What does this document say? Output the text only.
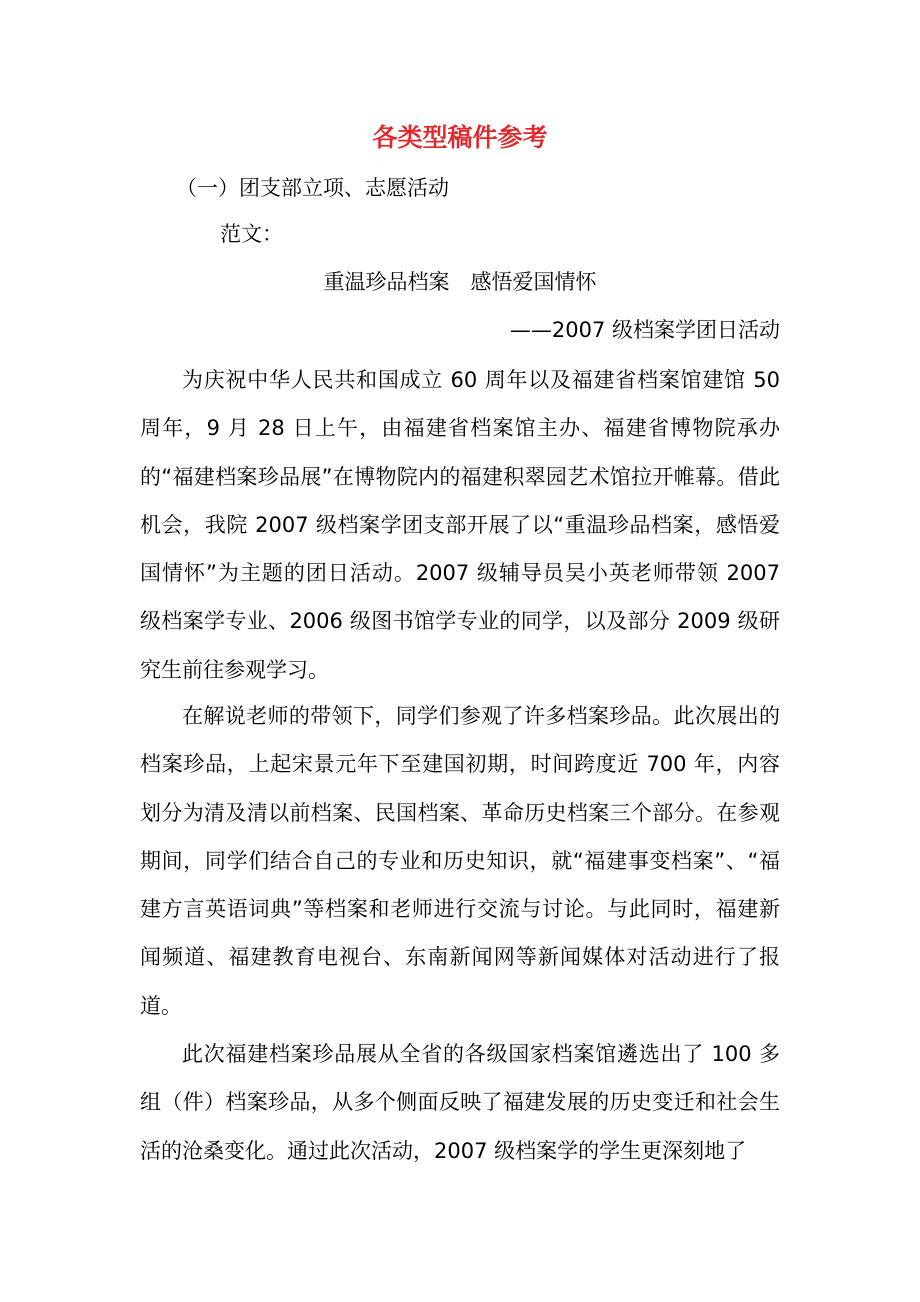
各类型稿件参考
（一）团支部立项、志愿活动
范文：
重温珍品档案　感悟爱国情怀
——2007 级档案学团日活动

为庆祝中华人民共和国成立 60 周年以及福建省档案馆建馆 50 周年，9 月 28 日上午，由福建省档案馆主办、福建省博物院承办的“福建档案珍品展”在博物院内的福建积翠园艺术馆拉开帷幕。借此机会，我院 2007 级档案学团支部开展了以“重温珍品档案，感悟爱国情怀”为主题的团日活动。2007 级辅导员吴小英老师带领 2007 级档案学专业、2006 级图书馆学专业的同学，以及部分 2009 级研究生前往参观学习。

在解说老师的带领下，同学们参观了许多档案珍品。此次展出的档案珍品，上起宋景元年下至建国初期，时间跨度近 700 年，内容划分为清及清以前档案、民国档案、革命历史档案三个部分。在参观期间，同学们结合自己的专业和历史知识，就“福建事变档案”、“福建方言英语词典”等档案和老师进行交流与讨论。与此同时，福建新闻频道、福建教育电视台、东南新闻网等新闻媒体对活动进行了报道。

此次福建档案珍品展从全省的各级国家档案馆遴选出了 100 多组（件）档案珍品，从多个侧面反映了福建发展的历史变迁和社会生活的沧桑变化。通过此次活动，2007 级档案学的学生更深刻地了
